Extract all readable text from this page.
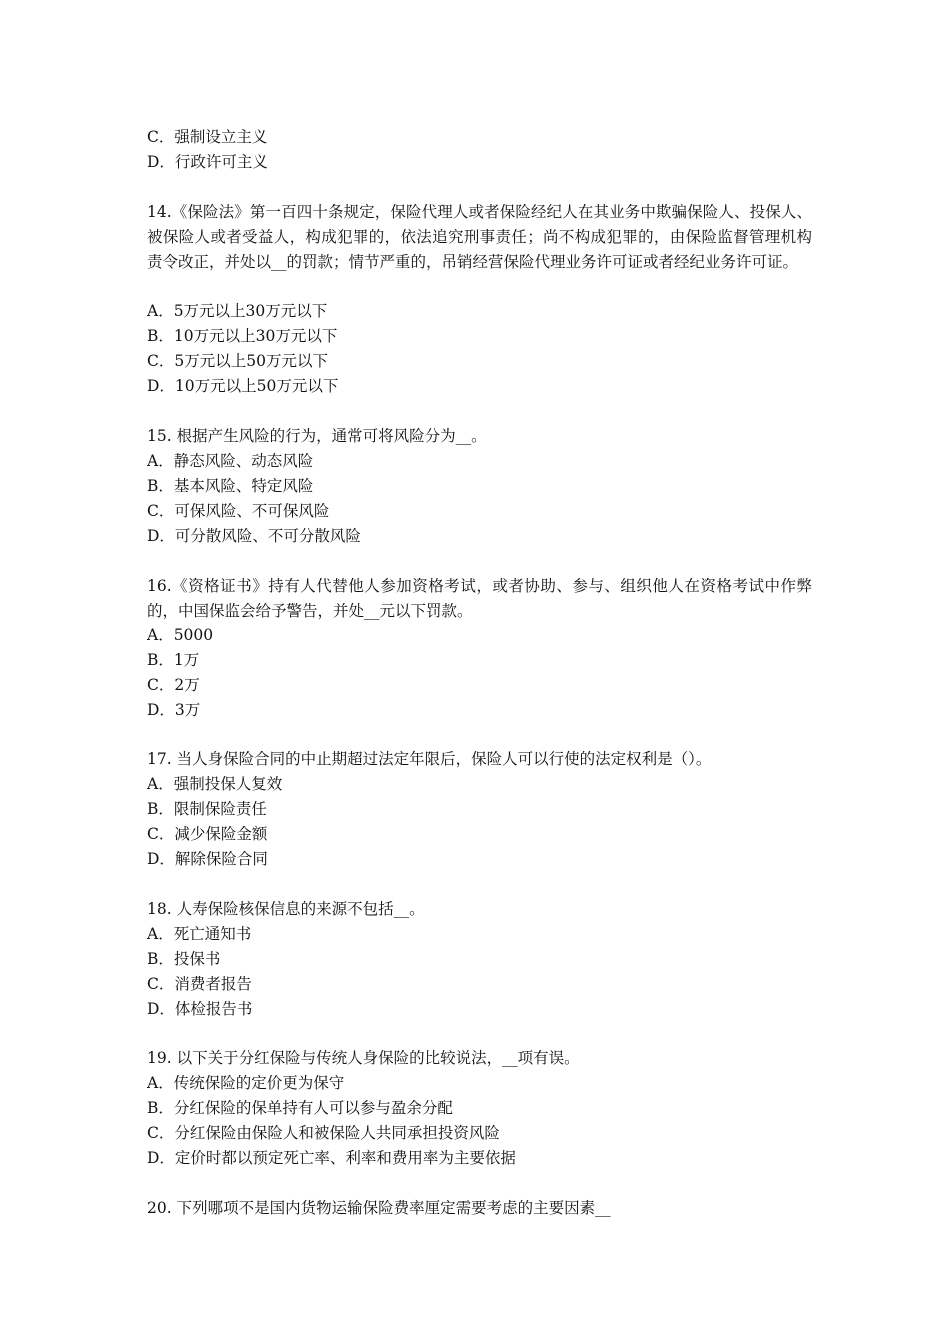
C．强制设立主义
D．行政许可主义
14.《保险法》第一百四十条规定，保险代理人或者保险经纪人在其业务中欺骗保险人、投保人、被保险人或者受益人，构成犯罪的，依法追究刑事责任；尚不构成犯罪的，由保险监督管理机构责令改正，并处以__的罚款；情节严重的，吊销经营保险代理业务许可证或者经纪业务许可证。
A．5万元以上30万元以下
B．10万元以上30万元以下
C．5万元以上50万元以下
D．10万元以上50万元以下
15. 根据产生风险的行为，通常可将风险分为__。
A．静态风险、动态风险
B．基本风险、特定风险
C．可保风险、不可保风险
D．可分散风险、不可分散风险
16.《资格证书》持有人代替他人参加资格考试，或者协助、参与、组织他人在资格考试中作弊的，中国保监会给予警告，并处__元以下罚款。
A．5000
B．1万
C．2万
D．3万
17. 当人身保险合同的中止期超过法定年限后，保险人可以行使的法定权利是（）。
A．强制投保人复效
B．限制保险责任
C．减少保险金额
D．解除保险合同
18. 人寿保险核保信息的来源不包括__。
A．死亡通知书
B．投保书
C．消费者报告
D．体检报告书
19. 以下关于分红保险与传统人身保险的比较说法，__项有误。
A．传统保险的定价更为保守
B．分红保险的保单持有人可以参与盈余分配
C．分红保险由保险人和被保险人共同承担投资风险
D．定价时都以预定死亡率、利率和费用率为主要依据
20. 下列哪项不是国内货物运输保险费率厘定需要考虑的主要因素__
